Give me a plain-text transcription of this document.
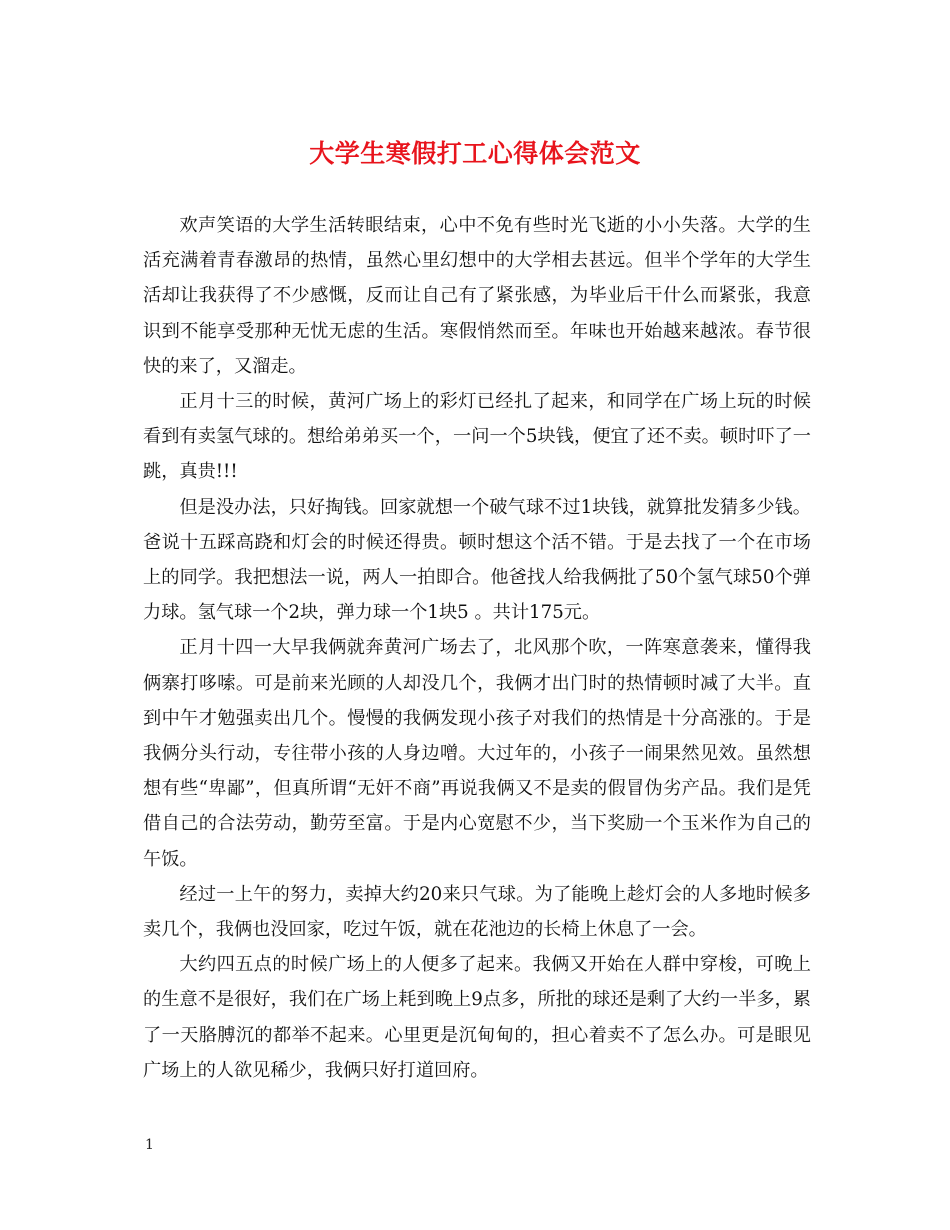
大学生寒假打工心得体会范文

欢声笑语的大学生活转眼结束，心中不免有些时光飞逝的小小失落。大学的生活充满着青春激昂的热情，虽然心里幻想中的大学相去甚远。但半个学年的大学生活却让我获得了不少感慨，反而让自己有了紧张感，为毕业后干什么而紧张，我意识到不能享受那种无忧无虑的生活。寒假悄然而至。年味也开始越来越浓。春节很快的来了，又溜走。

正月十三的时候，黄河广场上的彩灯已经扎了起来，和同学在广场上玩的时候看到有卖氢气球的。想给弟弟买一个，一问一个5块钱，便宜了还不卖。顿时吓了一跳，真贵!!!

但是没办法，只好掏钱。回家就想一个破气球不过1块钱，就算批发猜多少钱。爸说十五踩高跷和灯会的时候还得贵。顿时想这个活不错。于是去找了一个在市场上的同学。我把想法一说，两人一拍即合。他爸找人给我俩批了50个氢气球50个弹力球。氢气球一个2块，弹力球一个1块5 。共计175元。

正月十四一大早我俩就奔黄河广场去了，北风那个吹，一阵寒意袭来，懂得我俩寨打哆嗦。可是前来光顾的人却没几个，我俩才出门时的热情顿时减了大半。直到中午才勉强卖出几个。慢慢的我俩发现小孩子对我们的热情是十分高涨的。于是我俩分头行动，专往带小孩的人身边噌。大过年的，小孩子一闹果然见效。虽然想想有些“卑鄙”，但真所谓“无奸不商”再说我俩又不是卖的假冒伪劣产品。我们是凭借自己的合法劳动，勤劳至富。于是内心宽慰不少，当下奖励一个玉米作为自己的午饭。

经过一上午的努力，卖掉大约20来只气球。为了能晚上趁灯会的人多地时候多卖几个，我俩也没回家，吃过午饭，就在花池边的长椅上休息了一会。

大约四五点的时候广场上的人便多了起来。我俩又开始在人群中穿梭，可晚上的生意不是很好，我们在广场上耗到晚上9点多，所批的球还是剩了大约一半多，累了一天胳膊沉的都举不起来。心里更是沉甸甸的，担心着卖不了怎么办。可是眼见广场上的人欲见稀少，我俩只好打道回府。

1
